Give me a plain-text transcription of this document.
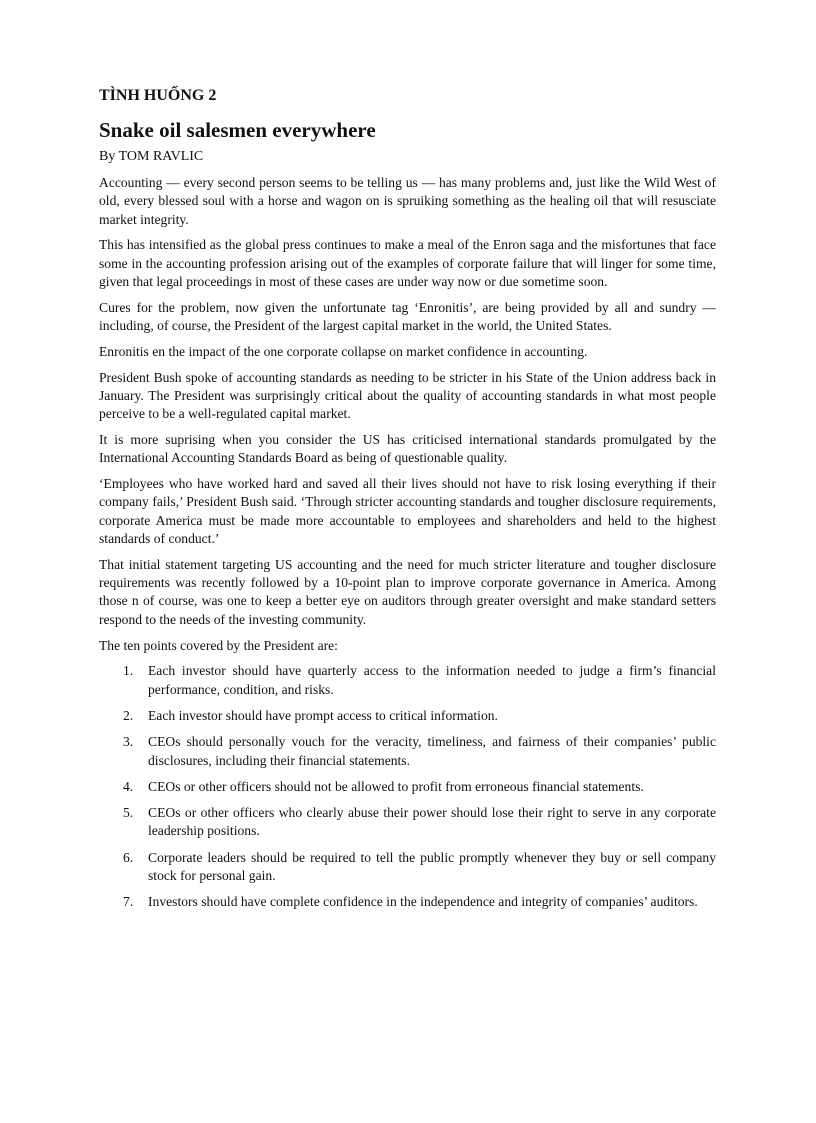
TÌNH HUỐNG 2
Snake oil salesmen everywhere
By TOM RAVLIC

Accounting — every second person seems to be telling us — has many problems and, just like the Wild West of old, every blessed soul with a horse and wagon on is spruiking something as the healing oil that will resusciate market integrity.

This has intensified as the global press continues to make a meal of the Enron saga and the misfortunes that face some in the accounting profession arising out of the examples of corporate failure that will linger for some time, given that legal proceedings in most of these cases are under way now or due sometime soon.

Cures for the problem, now given the unfortunate tag ‘Enronitis’, are being provided by all and sundry — including, of course, the President of the largest capital market in the world, the United States.

Enronitis en the impact of the one corporate collapse on market confidence in accounting.

President Bush spoke of accounting standards as needing to be stricter in his State of the Union address back in January. The President was surprisingly critical about the quality of accounting standards in what most people perceive to be a well-regulated capital market.

It is more suprising when you consider the US has criticised international standards promulgated by the International Accounting Standards Board as being of questionable quality.

‘Employees who have worked hard and saved all their lives should not have to risk losing everything if their company fails,’ President Bush said. ‘Through stricter accounting standards and tougher disclosure requirements, corporate America must be made more accountable to employees and shareholders and held to the highest standards of conduct.’

That initial statement targeting US accounting and the need for much stricter literature and tougher disclosure requirements was recently followed by a 10-point plan to improve corporate governance in America. Among those n of course, was one to keep a better eye on auditors through greater oversight and make standard setters respond to the needs of the investing community.

The ten points covered by the President are:

1. Each investor should have quarterly access to the information needed to judge a firm’s financial performance, condition, and risks.
2. Each investor should have prompt access to critical information.
3. CEOs should personally vouch for the veracity, timeliness, and fairness of their companies’ public disclosures, including their financial statements.
4. CEOs or other officers should not be allowed to profit from erroneous financial statements.
5. CEOs or other officers who clearly abuse their power should lose their right to serve in any corporate leadership positions.
6. Corporate leaders should be required to tell the public promptly whenever they buy or sell company stock for personal gain.
7. Investors should have complete confidence in the independence and integrity of companies’ auditors.
